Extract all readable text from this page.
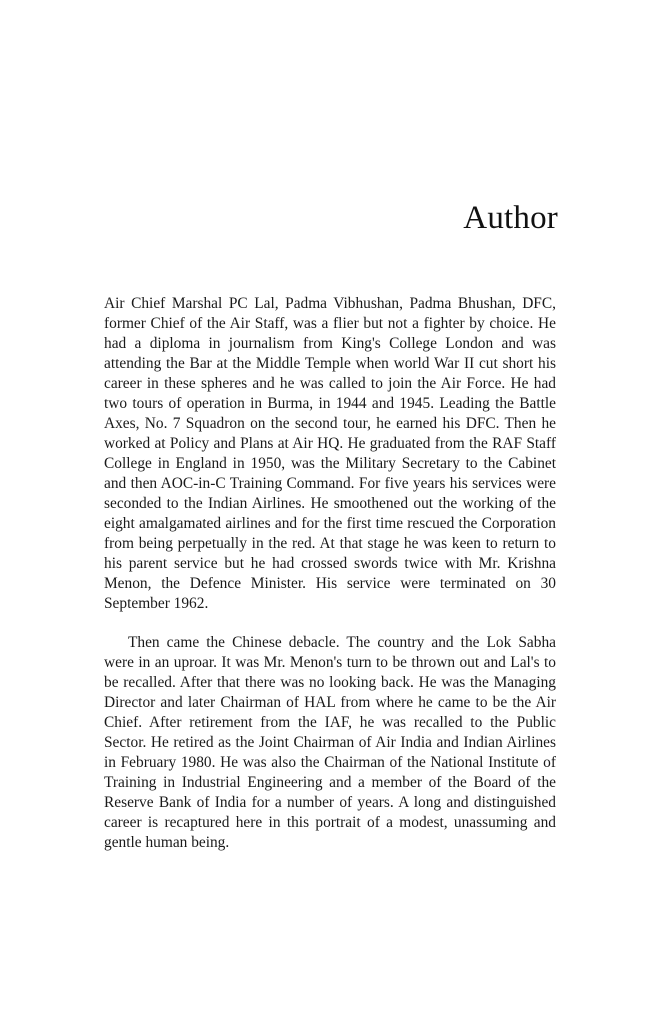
Author

Air Chief Marshal PC Lal, Padma Vibhushan, Padma Bhushan, DFC, former Chief of the Air Staff, was a flier but not a fighter by choice. He had a diploma in journalism from King's College London and was attending the Bar at the Middle Temple when world War II cut short his career in these spheres and he was called to join the Air Force. He had two tours of operation in Burma, in 1944 and 1945. Leading the Battle Axes, No. 7 Squadron on the second tour, he earned his DFC. Then he worked at Policy and Plans at Air HQ. He graduated from the RAF Staff College in England in 1950, was the Military Secretary to the Cabinet and then AOC-in-C Training Command. For five years his services were seconded to the Indian Airlines. He smoothened out the working of the eight amalgamated airlines and for the first time rescued the Corporation from being perpetually in the red. At that stage he was keen to return to his parent service but he had crossed swords twice with Mr. Krishna Menon, the Defence Minister. His service were terminated on 30 September 1962.

Then came the Chinese debacle. The country and the Lok Sabha were in an uproar. It was Mr. Menon's turn to be thrown out and Lal's to be recalled. After that there was no looking back. He was the Managing Director and later Chairman of HAL from where he came to be the Air Chief. After retirement from the IAF, he was recalled to the Public Sector. He retired as the Joint Chairman of Air India and Indian Airlines in February 1980. He was also the Chairman of the National Institute of Training in Industrial Engineering and a member of the Board of the Reserve Bank of India for a number of years. A long and distinguished career is recaptured here in this portrait of a modest, unassuming and gentle human being.
